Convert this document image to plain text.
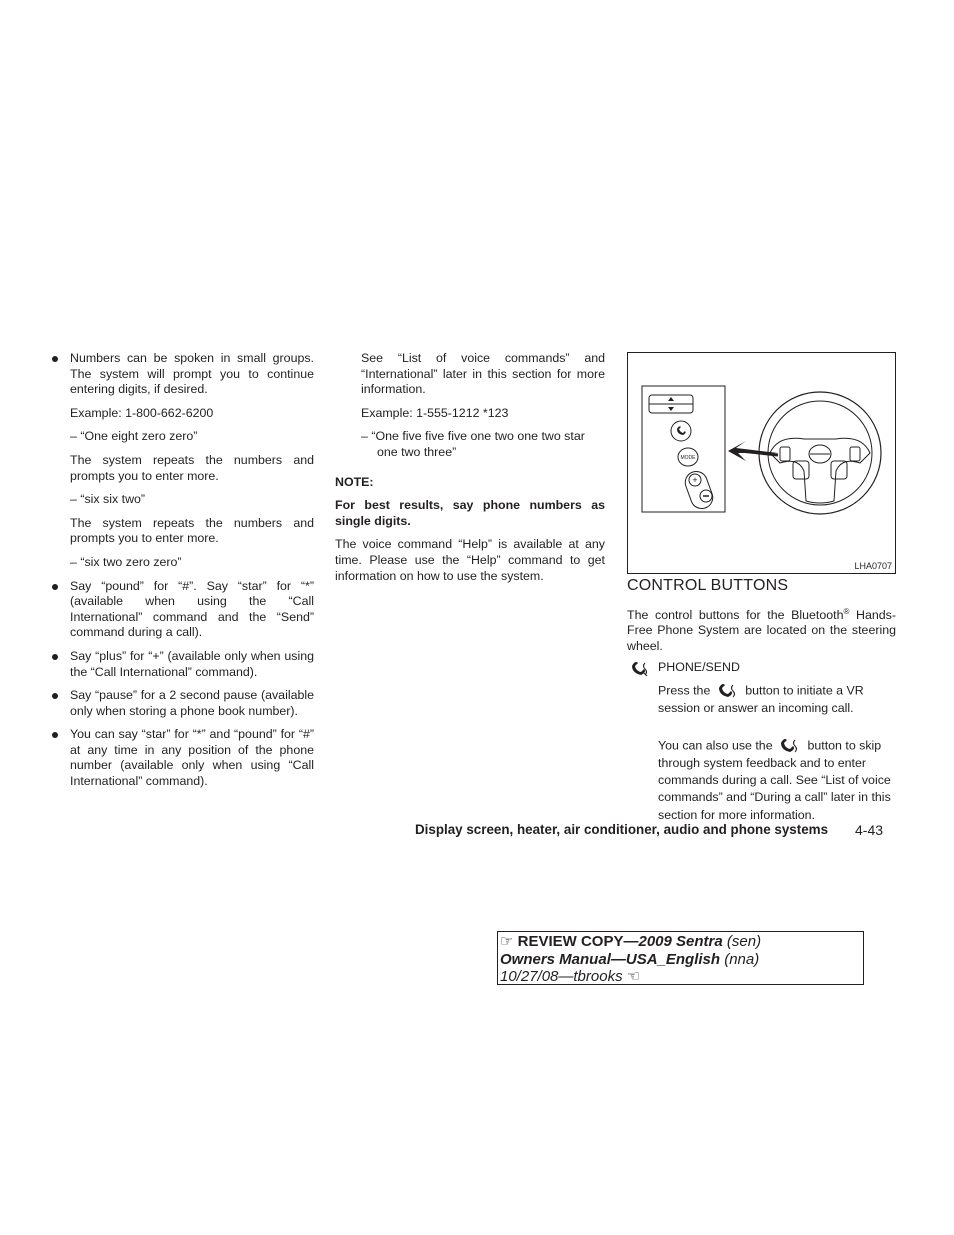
Numbers can be spoken in small groups. The system will prompt you to continue entering digits, if desired.

Example: 1-800-662-6200

– “One eight zero zero”

The system repeats the numbers and prompts you to enter more.

– “six six two”

The system repeats the numbers and prompts you to enter more.

– “six two zero zero”

Say “pound” for “#”. Say “star” for “*” (available when using the “Call International” command and the “Send” command during a call).

Say “plus” for “+” (available only when using the “Call International” command).

Say “pause” for a 2 second pause (available only when storing a phone book number).

You can say “star” for “*” and “pound” for “#” at any time in any position of the phone number (available only when using “Call International” command).

See “List of voice commands” and “International” later in this section for more information.

Example: 1-555-1212 *123

– “One five five five one two one two star one two three”

NOTE:

For best results, say phone numbers as single digits.

The voice command “Help” is available at any time. Please use the “Help” command to get information on how to use the system.

MODE
+
LHA0707

CONTROL BUTTONS

The control buttons for the Bluetooth® Hands-Free Phone System are located on the steering wheel.

PHONE/SEND

Press the	button to initiate a VR session or answer an incoming call.

You can also use the	button to skip through system feedback and to enter commands during a call. See “List of voice commands” and “During a call” later in this section for more information.

Display screen, heater, air conditioner, audio and phone systems 4-43
☞ REVIEW COPY—2009 Sentra (sen)
Owners Manual—USA_English (nna)
10/27/08—tbrooks ☜
